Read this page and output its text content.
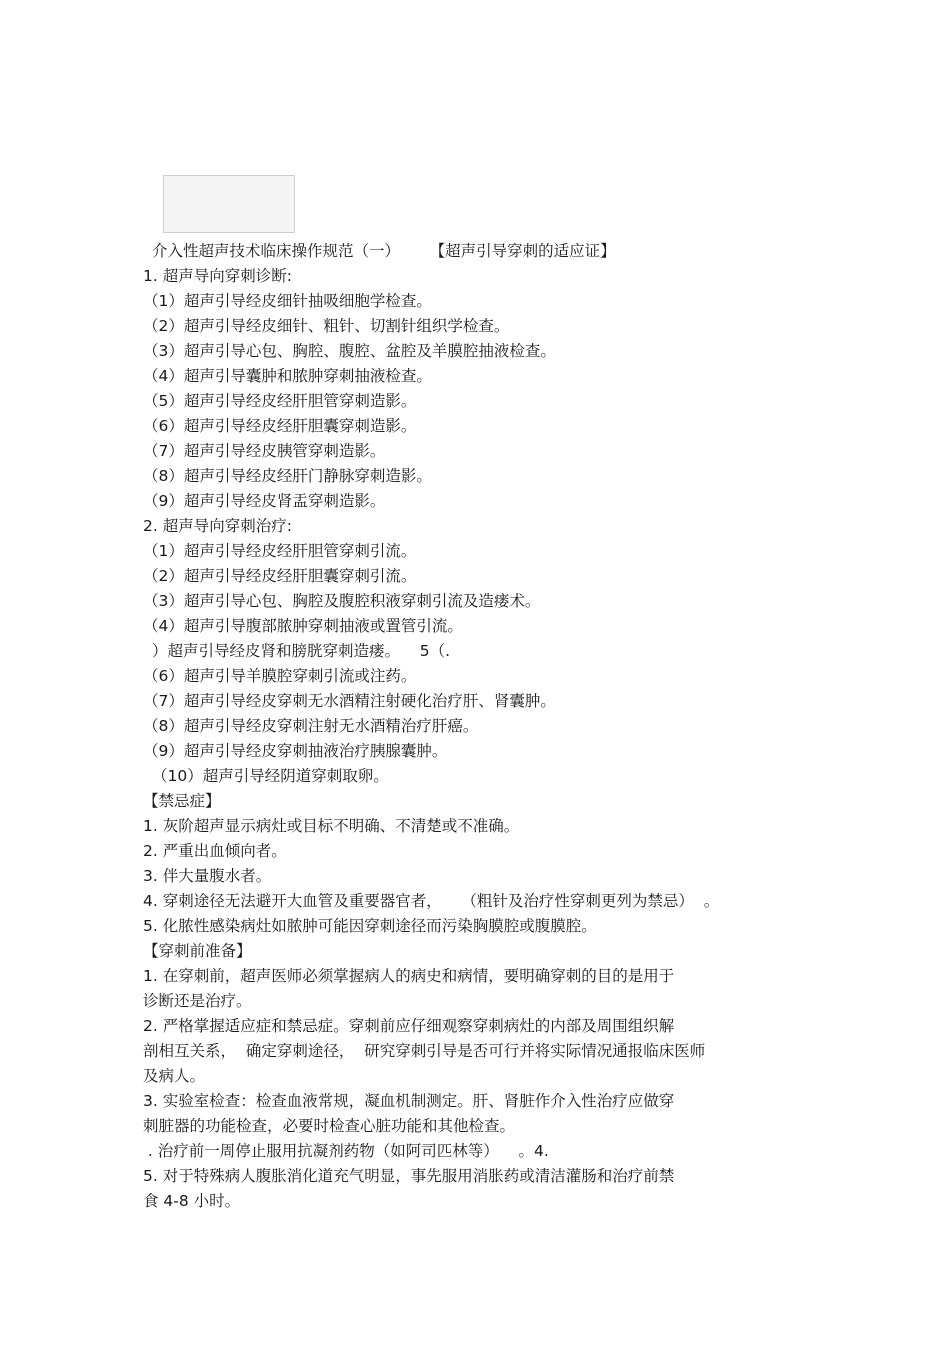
介入性超声技术临床操作规范（一）      【超声引导穿刺的适应证】
1. 超声导向穿刺诊断:
（1）超声引导经皮细针抽吸细胞学检查。
（2）超声引导经皮细针、粗针、切割针组织学检查。
（3）超声引导心包、胸腔、腹腔、盆腔及羊膜腔抽液检查。
（4）超声引导囊肿和脓肿穿刺抽液检查。
（5）超声引导经皮经肝胆管穿刺造影。
（6）超声引导经皮经肝胆囊穿刺造影。
（7）超声引导经皮胰管穿刺造影。
（8）超声引导经皮经肝门静脉穿刺造影。
（9）超声引导经皮肾盂穿刺造影。
2. 超声导向穿刺治疗:
（1）超声引导经皮经肝胆管穿刺引流。
（2）超声引导经皮经肝胆囊穿刺引流。
（3）超声引导心包、胸腔及腹腔积液穿刺引流及造瘘术。
（4）超声引导腹部脓肿穿刺抽液或置管引流。
）超声引导经皮肾和膀胱穿刺造瘘。    5（.
（6）超声引导羊膜腔穿刺引流或注药。
（7）超声引导经皮穿刺无水酒精注射硬化治疗肝、肾囊肿。
（8）超声引导经皮穿刺注射无水酒精治疗肝癌。
（9）超声引导经皮穿刺抽液治疗胰腺囊肿。
（10）超声引导经阴道穿刺取卵。
【禁忌症】
1. 灰阶超声显示病灶或目标不明确、不清楚或不准确。
2. 严重出血倾向者。
3. 伴大量腹水者。
4. 穿刺途径无法避开大血管及重要器官者，    （粗针及治疗性穿刺更列为禁忌）  。
5. 化脓性感染病灶如脓肿可能因穿刺途径而污染胸膜腔或腹膜腔。
【穿刺前准备】
1. 在穿刺前，超声医师必须掌握病人的病史和病情，要明确穿刺的目的是用于
诊断还是治疗。
2. 严格掌握适应症和禁忌症。穿刺前应仔细观察穿刺病灶的内部及周围组织解
剖相互关系，  确定穿刺途径，  研究穿刺引导是否可行并将实际情况通报临床医师
及病人。
3. 实验室检查：检查血液常规，凝血机制测定。肝、肾脏作介入性治疗应做穿
刺脏器的功能检查，必要时检查心脏功能和其他检查。
. 治疗前一周停止服用抗凝剂药物（如阿司匹林等）    。4.
5. 对于特殊病人腹胀消化道充气明显，事先服用消胀药或清洁灌肠和治疗前禁
食 4-8 小时。
